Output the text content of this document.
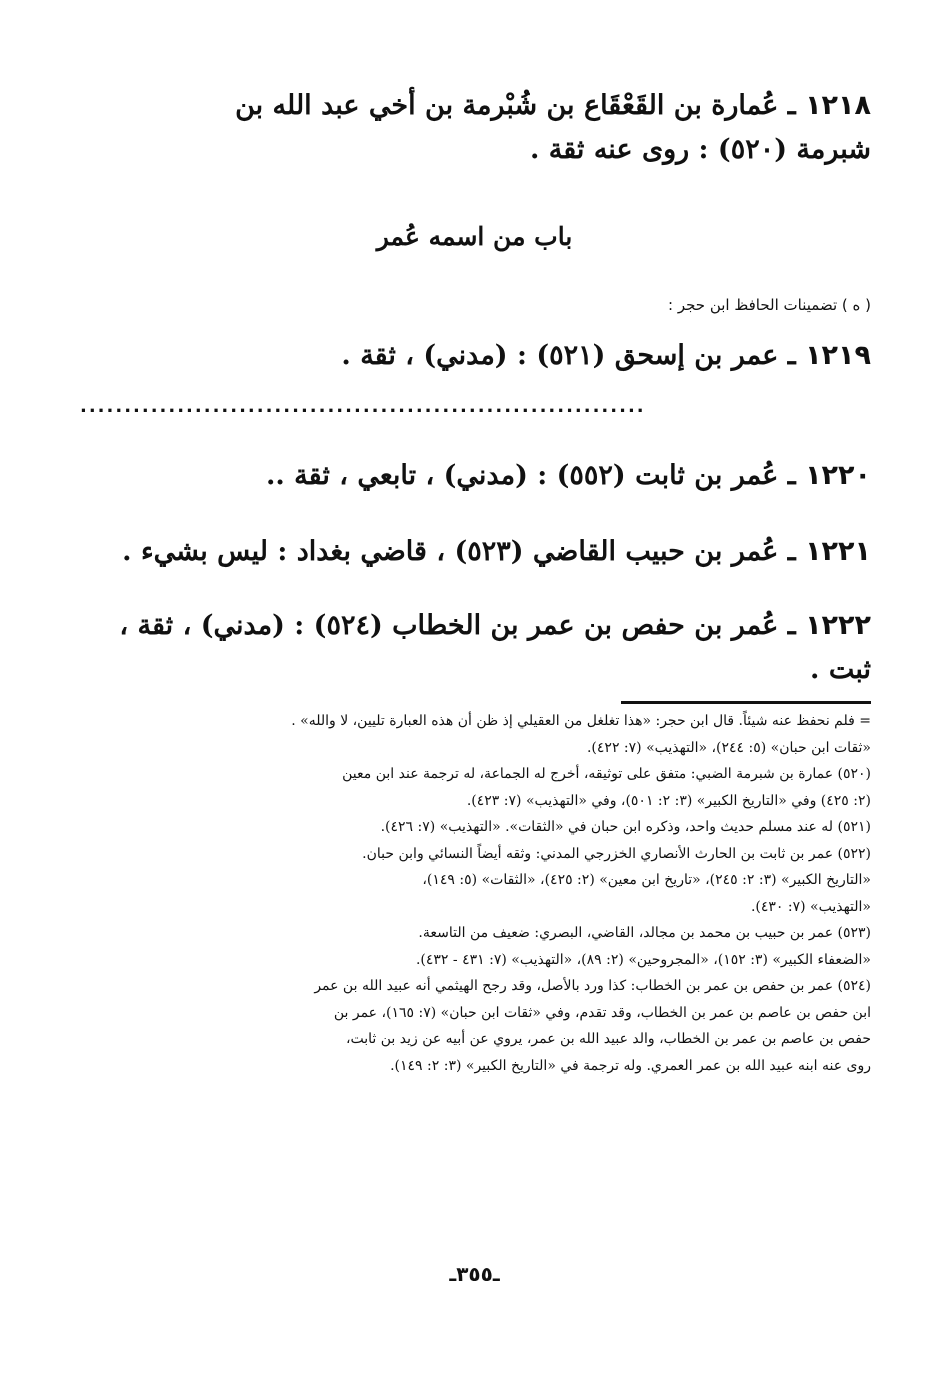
١٢١٨ ـ عُمارة بن القَعْقَاع بن شُبْرمة بن أخي عبد الله بن
شبرمة (٥٢٠) : روى عنه ثقة .
باب من اسمه عُمر
( ه ) تضمينات الحافظ ابن حجر :
١٢١٩ ـ عمر بن إسحق (٥٢١) : (مدني) ، ثقة .
................................................................
١٢٢٠ ـ عُمر بن ثابت (٥٥٢) : (مدني) ، تابعي ، ثقة ..
١٢٢١ ـ عُمر بن حبيب القاضي (٥٢٣) ، قاضي بغداد : ليس بشيء .
١٢٢٢ ـ عُمر بن حفص بن عمر بن الخطاب (٥٢٤) : (مدني) ، ثقة ،
ثبت .

= فلم نحفظ عنه شيئاً. قال ابن حجر: «هذا تغلغل من العقيلي إذ ظن أن هذه العبارة تليين، لا والله» .

«ثقات ابن حبان» (٥: ٢٤٤)، «التهذيب» (٧: ٤٢٢).

(٥٢٠) عمارة بن شبرمة الضبي: متفق على توثيقه، أخرج له الجماعة، له ترجمة عند ابن معين

(٢: ٤٢٥) وفي «التاريخ الكبير» (٣: ٢: ٥٠١)، وفي «التهذيب» (٧: ٤٢٣).

(٥٢١) له عند مسلم حديث واحد، وذكره ابن حبان في «الثقات». «التهذيب» (٧: ٤٢٦).

(٥٢٢) عمر بن ثابت بن الحارث الأنصاري الخزرجي المدني: وثقه أيضاً النسائي وابن حبان.

«التاريخ الكبير» (٣: ٢: ٢٤٥)، «تاريخ ابن معين» (٢: ٤٢٥)، «الثقات» (٥: ١٤٩)،

«التهذيب» (٧: ٤٣٠).

(٥٢٣) عمر بن حبيب بن محمد بن مجالد، القاضي، البصري: ضعيف من التاسعة.

«الضعفاء الكبير» (٣: ١٥٢)، «المجروحين» (٢: ٨٩)، «التهذيب» (٧: ٤٣١ - ٤٣٢).

(٥٢٤) عمر بن حفص بن عمر بن الخطاب: كذا ورد بالأصل، وقد رجح الهيثمي أنه عبيد الله بن عمر

ابن حفص بن عاصم بن عمر بن الخطاب، وقد تقدم، وفي «ثقات ابن حبان» (٧: ١٦٥)، عمر بن

حفص بن عاصم بن عمر بن الخطاب، والد عبيد الله بن عمر، يروي عن أبيه عن زيد بن ثابت،

روى عنه ابنه عبيد الله بن عمر العمري. وله ترجمة في «التاريخ الكبير» (٣: ٢: ١٤٩).

ـ٣٥٥ـ
